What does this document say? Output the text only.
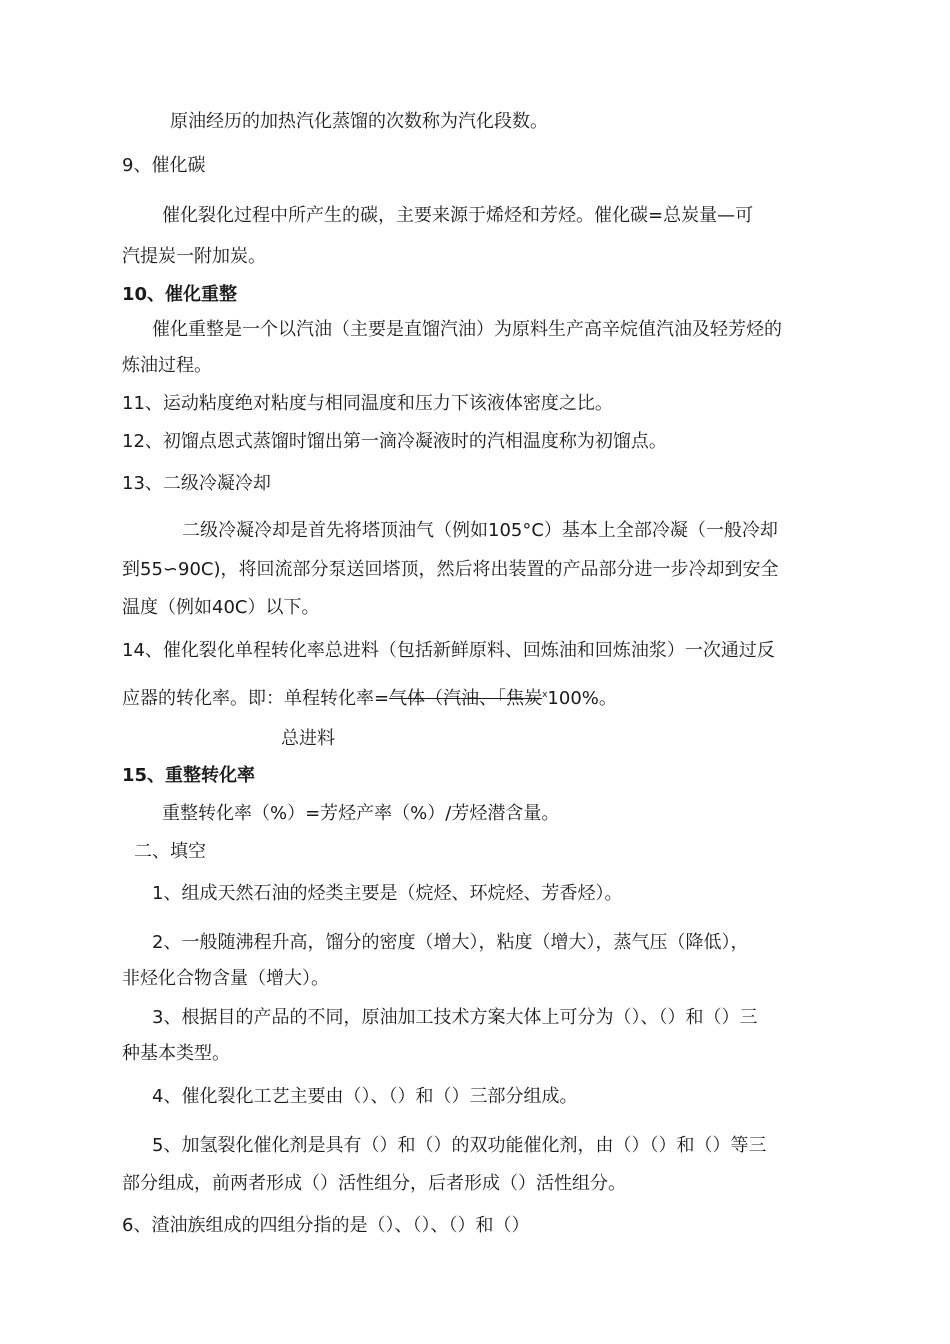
原油经历的加热汽化蒸馏的次数称为汽化段数。
9、催化碳
催化裂化过程中所产生的碳，主要来源于烯烃和芳烃。催化碳=总炭量—可
汽提炭一附加炭。
10、催化重整
催化重整是一个以汽油（主要是直馏汽油）为原料生产高辛烷值汽油及轻芳烃的
炼油过程。
11、运动粘度绝对粘度与相同温度和压力下该液体密度之比。
12、初馏点恩式蒸馏时馏出第一滴冷凝液时的汽相温度称为初馏点。
13、二级冷凝冷却
二级冷凝冷却是首先将塔顶油气（例如105°C）基本上全部冷凝（一般冷却
到55∽90C)，将回流部分泵送回塔顶，然后将出装置的产品部分进一步冷却到安全
温度（例如40C）以下。
14、催化裂化单程转化率总进料（包括新鲜原料、回炼油和回炼油浆）一次通过反
应器的转化率。即：单程转化率=气体（汽油、「焦炭$^x$100%。
总进料
15、重整转化率
重整转化率（%）=芳烃产率（%）/芳烃潜含量。
二、填空
1、组成天然石油的烃类主要是（烷烃、环烷烃、芳香烃）。
2、一般随沸程升高，馏分的密度（增大），粘度（增大），蒸气压（降低），
非烃化合物含量（增大）。
3、根据目的产品的不同，原油加工技术方案大体上可分为（）、（）和（）三
种基本类型。
4、催化裂化工艺主要由（）、（）和（）三部分组成。
5、加氢裂化催化剂是具有（）和（）的双功能催化剂，由（）（）和（）等三
部分组成，前两者形成（）活性组分，后者形成（）活性组分。
6、渣油族组成的四组分指的是（）、（）、（）和（）
